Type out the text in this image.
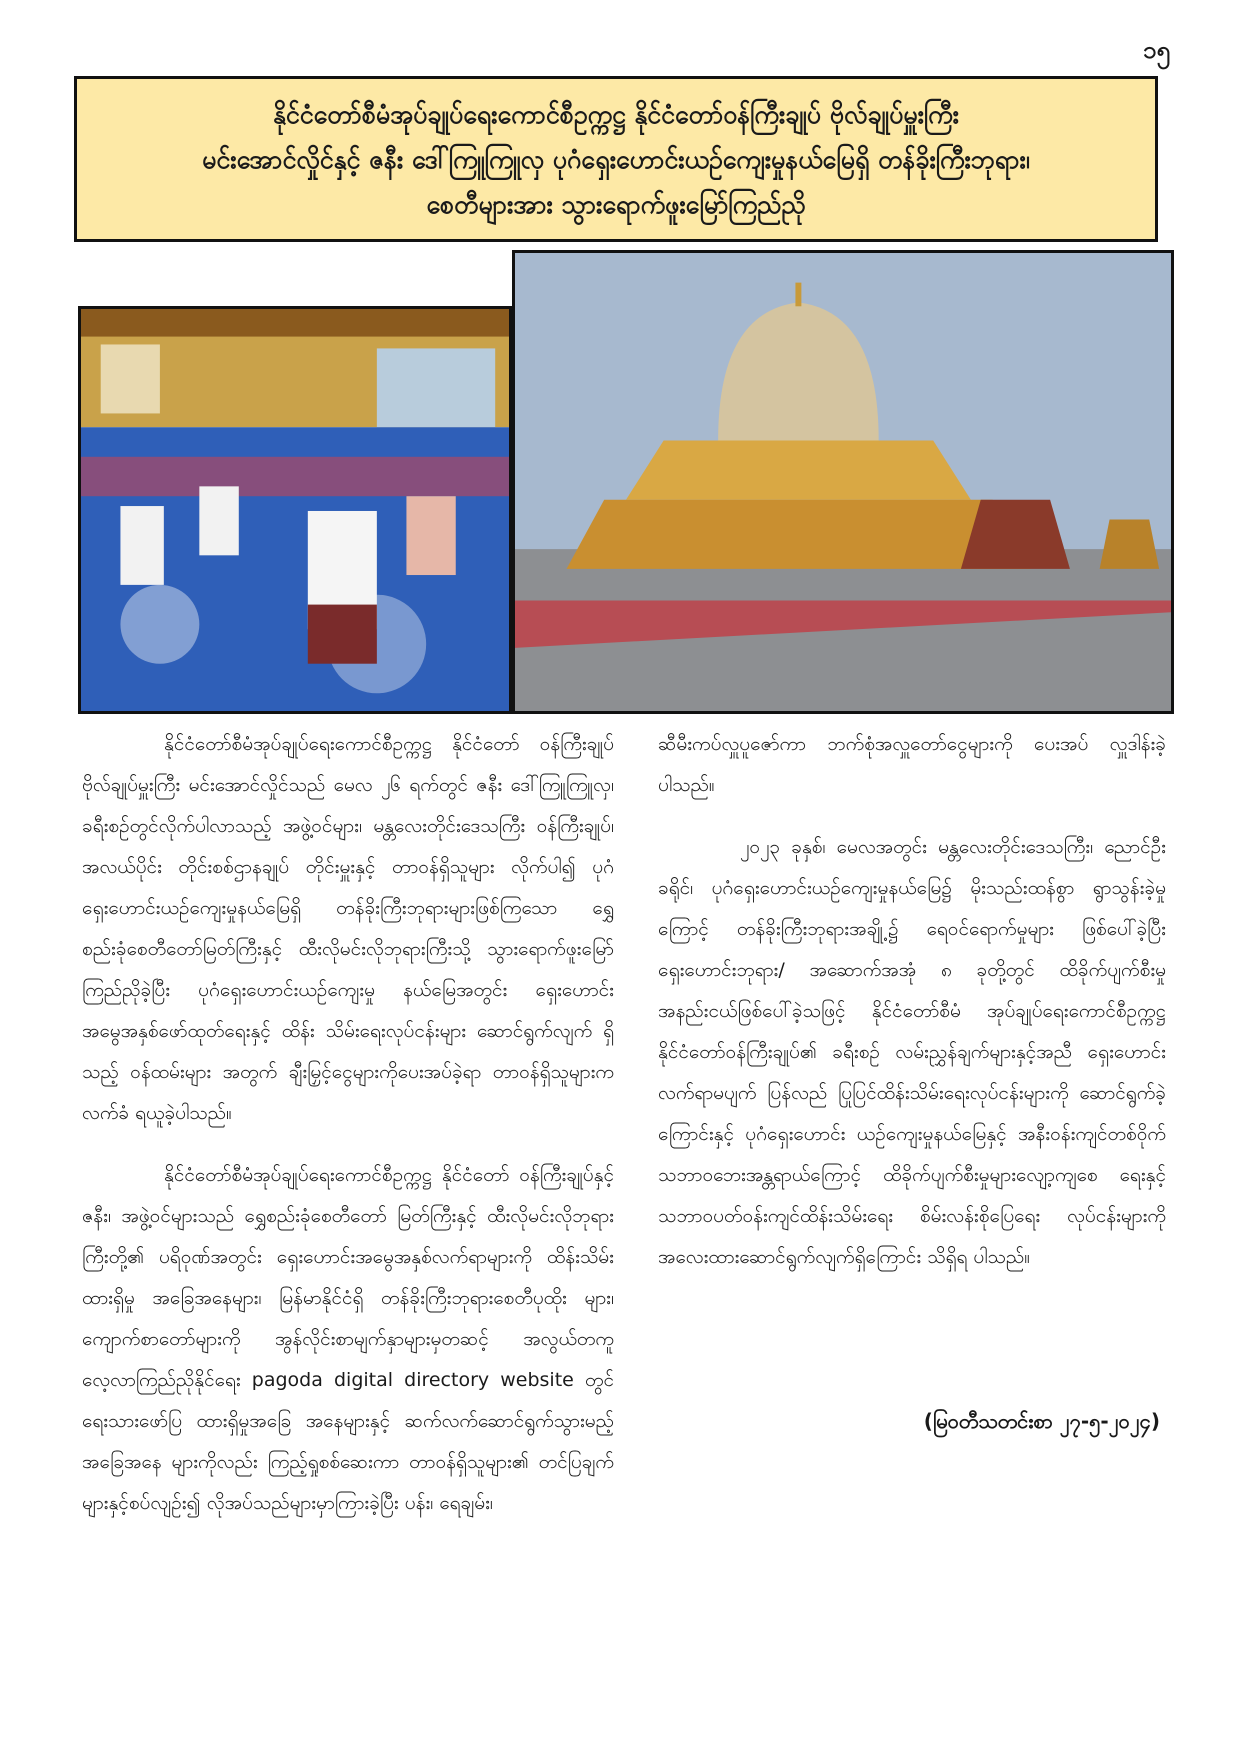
၁၅
နိုင်ငံတော်စီမံအုပ်ချုပ်ရေးကောင်စီဥက္ကဋ္ဌ နိုင်ငံတော်ဝန်ကြီးချုပ် ဗိုလ်ချုပ်မှူးကြီး
မင်းအောင်လှိုင်နှင့် ဇနီး ဒေါ်ကြူကြူလှ ပုဂံရှေးဟောင်းယဉ်ကျေးမှုနယ်မြေရှိ တန်ခိုးကြီးဘုရား၊
စေတီများအား သွားရောက်ဖူးမြော်ကြည်ညို

နိုင်ငံတော်စီမံအုပ်ချုပ်ရေးကောင်စီဥက္ကဋ္ဌ နိုင်ငံတော် ဝန်ကြီးချုပ် ဗိုလ်ချုပ်မှူးကြီး မင်းအောင်လှိုင်သည် မေလ ၂၆ ရက်တွင် ဇနီး ဒေါ်ကြူကြူလှ၊ ခရီးစဉ်တွင်လိုက်ပါလာသည့် အဖွဲ့ဝင်များ၊ မန္တလေးတိုင်းဒေသကြီး ဝန်ကြီးချုပ်၊ အလယ်ပိုင်း တိုင်းစစ်ဌာနချုပ် တိုင်းမှူးနှင့် တာဝန်ရှိသူများ လိုက်ပါ၍ ပုဂံ ရှေးဟောင်းယဉ်ကျေးမှုနယ်မြေရှိ တန်ခိုးကြီးဘုရားများဖြစ်ကြသော ရွှေစည်းခုံစေတီတော်မြတ်ကြီးနှင့် ထီးလိုမင်းလိုဘုရားကြီးသို့ သွားရောက်ဖူးမြော်ကြည်ညိုခဲ့ပြီး ပုဂံရှေးဟောင်းယဉ်ကျေးမှု နယ်မြေအတွင်း ရှေးဟောင်းအမွေအနှစ်ဖော်ထုတ်ရေးနှင့် ထိန်း သိမ်းရေးလုပ်ငန်းများ ဆောင်ရွက်လျက် ရှိသည့် ဝန်ထမ်းများ အတွက် ချီးမြှင့်ငွေများကိုပေးအပ်ခဲ့ရာ တာဝန်ရှိသူများက လက်ခံ ရယူခဲ့ပါသည်။

နိုင်ငံတော်စီမံအုပ်ချုပ်ရေးကောင်စီဥက္ကဋ္ဌ နိုင်ငံတော် ဝန်ကြီးချုပ်နှင့် ဇနီး၊ အဖွဲ့ဝင်များသည် ရွှေစည်းခုံစေတီတော် မြတ်ကြီးနှင့် ထီးလိုမင်းလိုဘုရားကြီးတို့၏ ပရိဝုဏ်အတွင်း ရှေးဟောင်းအမွေအနှစ်လက်ရာများကို ထိန်းသိမ်းထားရှိမှု အခြေအနေများ၊ မြန်မာနိုင်ငံရှိ တန်ခိုးကြီးဘုရားစေတီပုထိုး များ၊ ကျောက်စာတော်များကို အွန်လိုင်းစာမျက်နှာများမှတဆင့် အလွယ်တကူ လေ့လာကြည်ညိုနိုင်ရေး pagoda digital directory website တွင် ရေးသားဖော်ပြ ထားရှိမှုအခြေ အနေများနှင့် ဆက်လက်ဆောင်ရွက်သွားမည့် အခြေအနေ များကိုလည်း ကြည့်ရှုစစ်ဆေးကာ တာဝန်ရှိသူများ၏ တင်ပြချက် များနှင့်စပ်လျဉ်း၍ လိုအပ်သည်များမှာကြားခဲ့ပြီး ပန်း၊ ရေချမ်း၊

ဆီမီးကပ်လှူပူဇော်ကာ ဘက်စုံအလှူတော်ငွေများကို ပေးအပ် လှူဒါန်းခဲ့ပါသည်။

၂၀၂၃ ခုနှစ်၊ မေလအတွင်း မန္တလေးတိုင်းဒေသကြီး၊ ညောင်ဦးခရိုင်၊ ပုဂံရှေးဟောင်းယဉ်ကျေးမှုနယ်မြေ၌ မိုးသည်းထန်စွာ ရွာသွန်းခဲ့မှုကြောင့် တန်ခိုးကြီးဘုရားအချို့၌ ရေဝင်ရောက်မှုများ ဖြစ်ပေါ်ခဲ့ပြီး ရှေးဟောင်းဘုရား/ အဆောက်အအုံ ၈ ခုတို့တွင် ထိခိုက်ပျက်စီးမှုအနည်းငယ်ဖြစ်ပေါ်ခဲ့သဖြင့် နိုင်ငံတော်စီမံ အုပ်ချုပ်ရေးကောင်စီဥက္ကဋ္ဌ နိုင်ငံတော်ဝန်ကြီးချုပ်၏ ခရီးစဉ် လမ်းညွှန်ချက်များနှင့်အညီ ရှေးဟောင်းလက်ရာမပျက် ပြန်လည် ပြုပြင်ထိန်းသိမ်းရေးလုပ်ငန်းများကို ဆောင်ရွက်ခဲ့ကြောင်းနှင့် ပုဂံရှေးဟောင်း ယဉ်ကျေးမှုနယ်မြေနှင့် အနီးဝန်းကျင်တစ်ဝိုက် သဘာဝဘေးအန္တရာယ်ကြောင့် ထိခိုက်ပျက်စီးမှုများလျော့ကျစေ ရေးနှင့် သဘာဝပတ်ဝန်းကျင်ထိန်းသိမ်းရေး စိမ်းလန်းစိုပြေရေး လုပ်ငန်းများကို အလေးထားဆောင်ရွက်လျက်ရှိကြောင်း သိရှိရ ပါသည်။

(မြဝတီသတင်းစာ ၂၇-၅-၂၀၂၄)
